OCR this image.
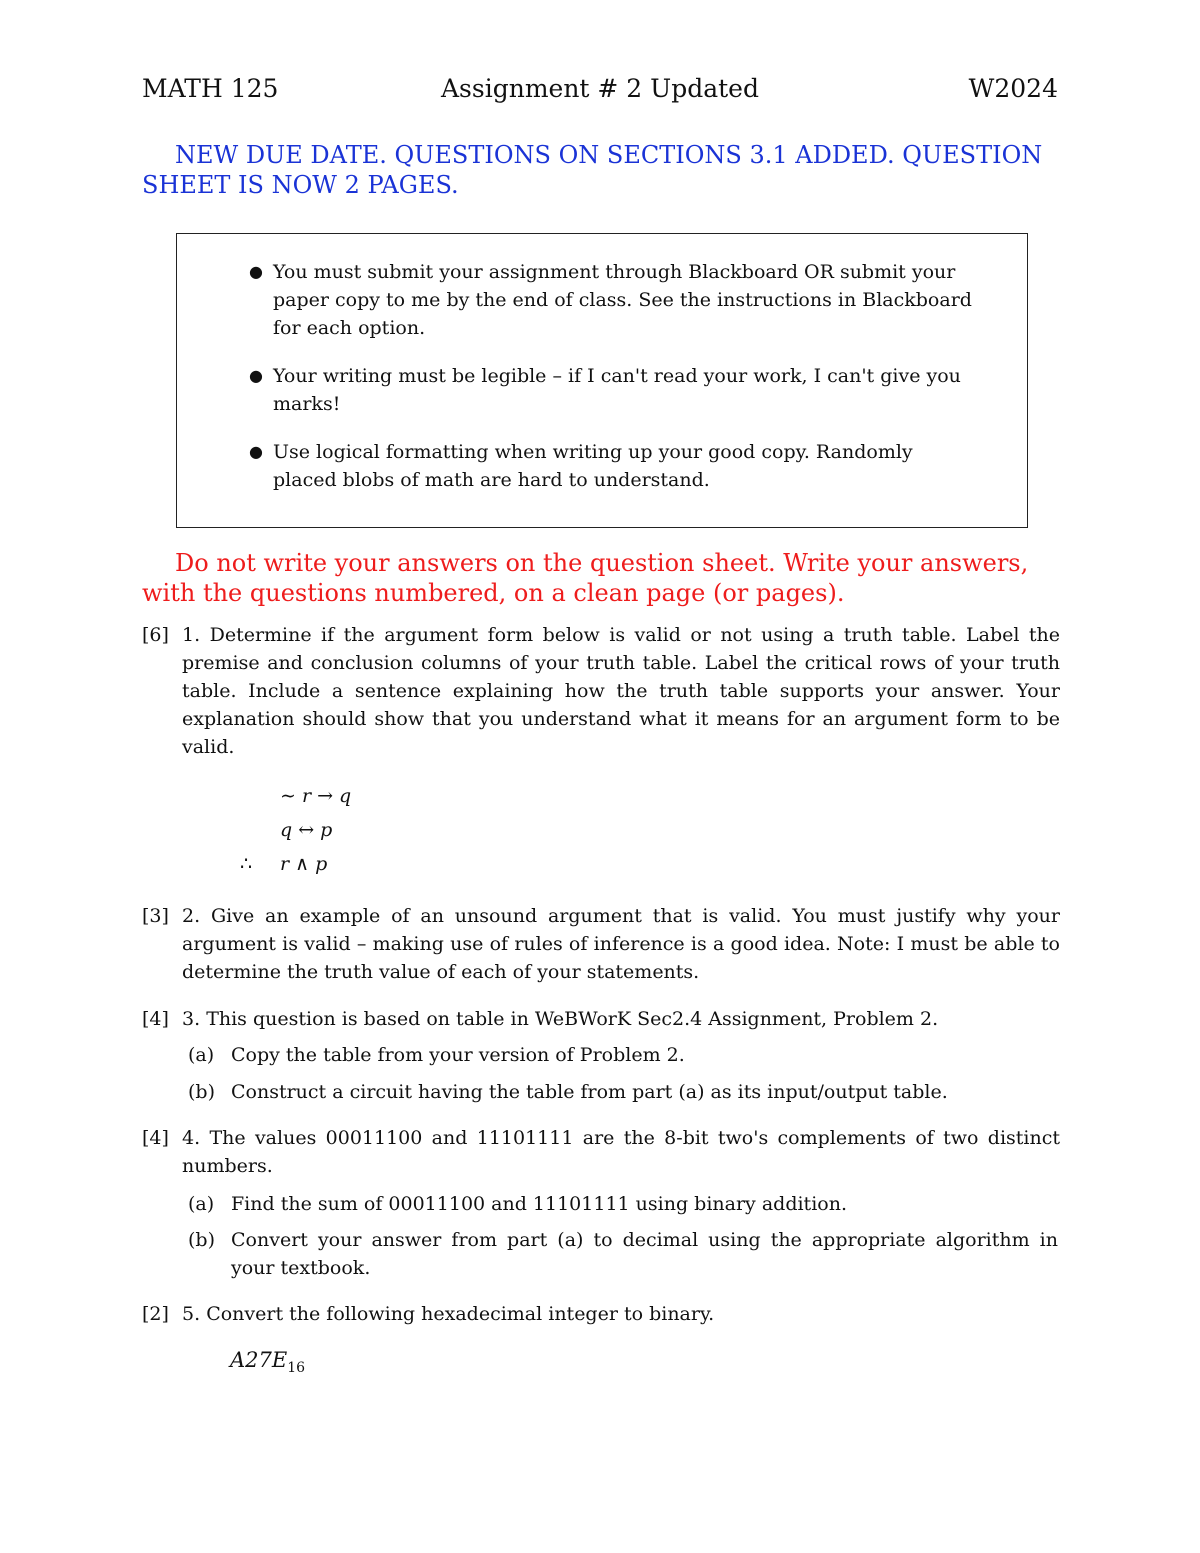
MATH 125	Assignment # 2 Updated	W2024
NEW DUE DATE. QUESTIONS ON SECTIONS 3.1 ADDED. QUESTION SHEET IS NOW 2 PAGES.
● You must submit your assignment through Blackboard OR submit your paper copy to me by the end of class. See the instructions in Blackboard for each option.
● Your writing must be legible – if I can't read your work, I can't give you marks!
● Use logical formatting when writing up your good copy. Randomly placed blobs of math are hard to understand.
Do not write your answers on the question sheet. Write your answers, with the questions numbered, on a clean page (or pages).
[6] 1. Determine if the argument form below is valid or not using a truth table. Label the premise and conclusion columns of your truth table. Label the critical rows of your truth table. Include a sentence explaining how the truth table supports your answer. Your explanation should show that you understand what it means for an argument form to be valid.
∼ r → q
q ↔ p
∴ r ∧ p
[3] 2. Give an example of an unsound argument that is valid. You must justify why your argument is valid – making use of rules of inference is a good idea. Note: I must be able to determine the truth value of each of your statements.
[4] 3. This question is based on table in WeBWorK Sec2.4 Assignment, Problem 2.
(a) Copy the table from your version of Problem 2.
(b) Construct a circuit having the table from part (a) as its input/output table.
[4] 4. The values 00011100 and 11101111 are the 8-bit two's complements of two distinct numbers.
(a) Find the sum of 00011100 and 11101111 using binary addition.
(b) Convert your answer from part (a) to decimal using the appropriate algorithm in your textbook.
[2] 5. Convert the following hexadecimal integer to binary.
$A27E_{16}$
